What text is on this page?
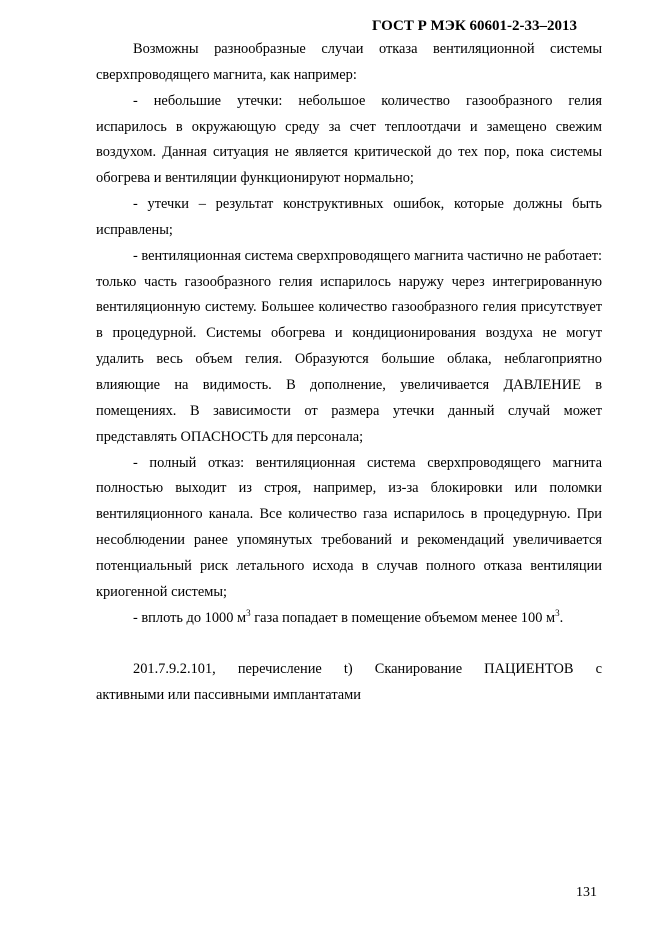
ГОСТ Р МЭК 60601-2-33–2013

Возможны разнообразные случаи отказа вентиляционной системы сверхпроводящего магнита, как например:

- небольшие утечки: небольшое количество газообразного гелия испарилось в окружающую среду за счет теплоотдачи и замещено свежим воздухом. Данная ситуация не является критической до тех пор, пока системы обогрева и вентиляции функционируют нормально;

- утечки – результат конструктивных ошибок, которые должны быть исправлены;

- вентиляционная система сверхпроводящего магнита частично не работает: только часть газообразного гелия испарилось наружу через интегрированную вентиляционную систему. Большее количество газообразного гелия присутствует в процедурной. Системы обогрева и кондиционирования воздуха не могут удалить весь объем гелия. Образуются большие облака, неблагоприятно влияющие на видимость. В дополнение, увеличивается ДАВЛЕНИЕ в помещениях. В зависимости от размера утечки данный случай может представлять ОПАСНОСТЬ для персонала;

- полный отказ: вентиляционная система сверхпроводящего магнита полностью выходит из строя, например, из-за блокировки или поломки вентиляционного канала. Все количество газа испарилось в процедурную. При несоблюдении ранее упомянутых требований и рекомендаций увеличивается потенциальный риск летального исхода в случав полного отказа вентиляции криогенной системы;

- вплоть до 1000 $м^3$ газа попадает в помещение объемом менее 100 $м^3$.

201.7.9.2.101, перечисление t) Сканирование ПАЦИЕНТОВ с

активными или пассивными имплантатами

131
